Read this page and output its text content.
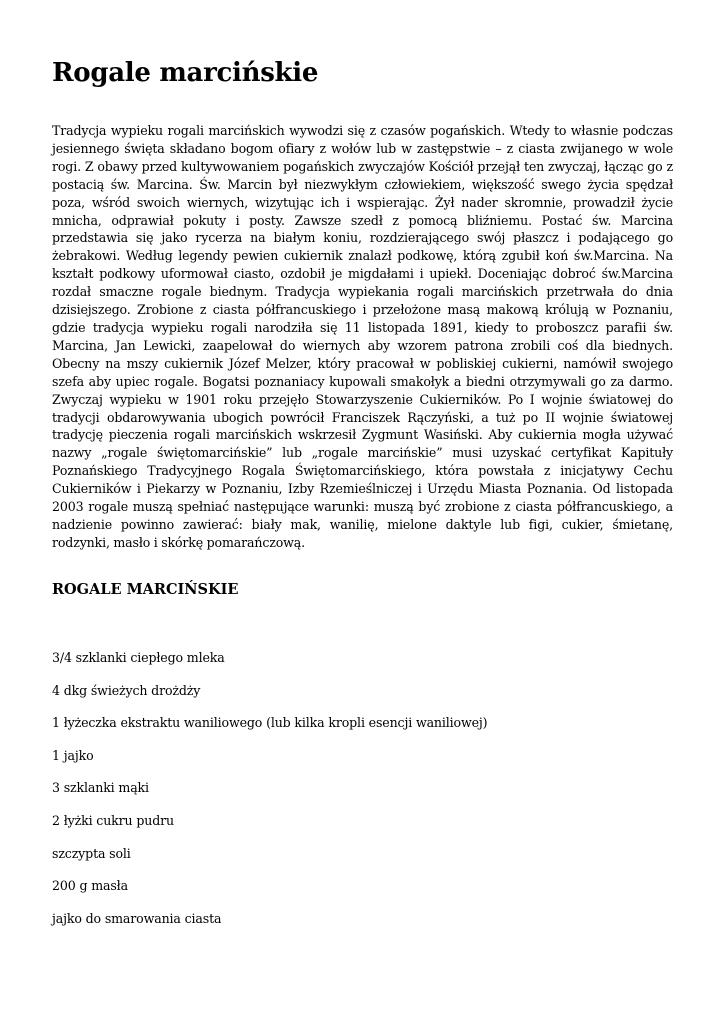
Rogale marcińskie

Tradycja wypieku rogali marcińskich wywodzi się z czasów pogańskich. Wtedy to własnie podczas jesiennego święta składano bogom ofiary z wołów lub w zastępstwie – z ciasta zwijanego w wole rogi. Z obawy przed kultywowaniem pogańskich zwyczajów Kościół przejął ten zwyczaj, łącząc go z postacią św. Marcina. Św. Marcin był niezwykłym człowiekiem, większość swego życia spędzał poza, wśród swoich wiernych, wizytując ich i wspierając. Żył nader skromnie, prowadził życie mnicha, odprawiał pokuty i posty. Zawsze szedł z pomocą bliźniemu. Postać św. Marcina przedstawia się jako rycerza na białym koniu, rozdzierającego swój płaszcz i podającego go żebrakowi. Według legendy pewien cukiernik znalazł podkowę, którą zgubił koń św.Marcina. Na kształt podkowy uformował ciasto, ozdobił je migdałami i upiekł. Doceniając dobroć św.Marcina rozdał smaczne rogale biednym. Tradycja wypiekania rogali marcińskich przetrwała do dnia dzisiejszego. Zrobione z ciasta półfrancuskiego i przełożone masą makową królują w Poznaniu, gdzie tradycja wypieku rogali narodziła się 11 listopada 1891, kiedy to proboszcz parafii św. Marcina, Jan Lewicki, zaapelował do wiernych aby wzorem patrona zrobili coś dla biednych. Obecny na mszy cukiernik Józef Melzer, który pracował w pobliskiej cukierni, namówił swojego szefa aby upiec rogale. Bogatsi poznaniacy kupowali smakołyk a biedni otrzymywali go za darmo. Zwyczaj wypieku w 1901 roku przejęło Stowarzyszenie Cukierników. Po I wojnie światowej do tradycji obdarowywania ubogich powrócił Franciszek Rączyński, a tuż po II wojnie światowej tradycję pieczenia rogali marcińskich wskrzesił Zygmunt Wasiński. Aby cukiernia mogła używać nazwy „rogale świętomarcińskie” lub „rogale marcińskie” musi uzyskać certyfikat Kapituły Poznańskiego Tradycyjnego Rogala Świętomarcińskiego, która powstała z inicjatywy Cechu Cukierników i Piekarzy w Poznaniu, Izby Rzemieślniczej i Urzędu Miasta Poznania. Od listopada 2003 rogale muszą spełniać następujące warunki: muszą być zrobione z ciasta półfrancuskiego, a nadzienie powinno zawierać: biały mak, wanilię, mielone daktyle lub figi, cukier, śmietanę, rodzynki, masło i skórkę pomarańczową.

ROGALE MARCIŃSKIE
3/4 szklanki ciepłego mleka
4 dkg świeżych drożdży
1 łyżeczka ekstraktu waniliowego (lub kilka kropli esencji waniliowej)
1 jajko
3 szklanki mąki
2 łyżki cukru pudru
szczypta soli
200 g masła
jajko do smarowania ciasta
